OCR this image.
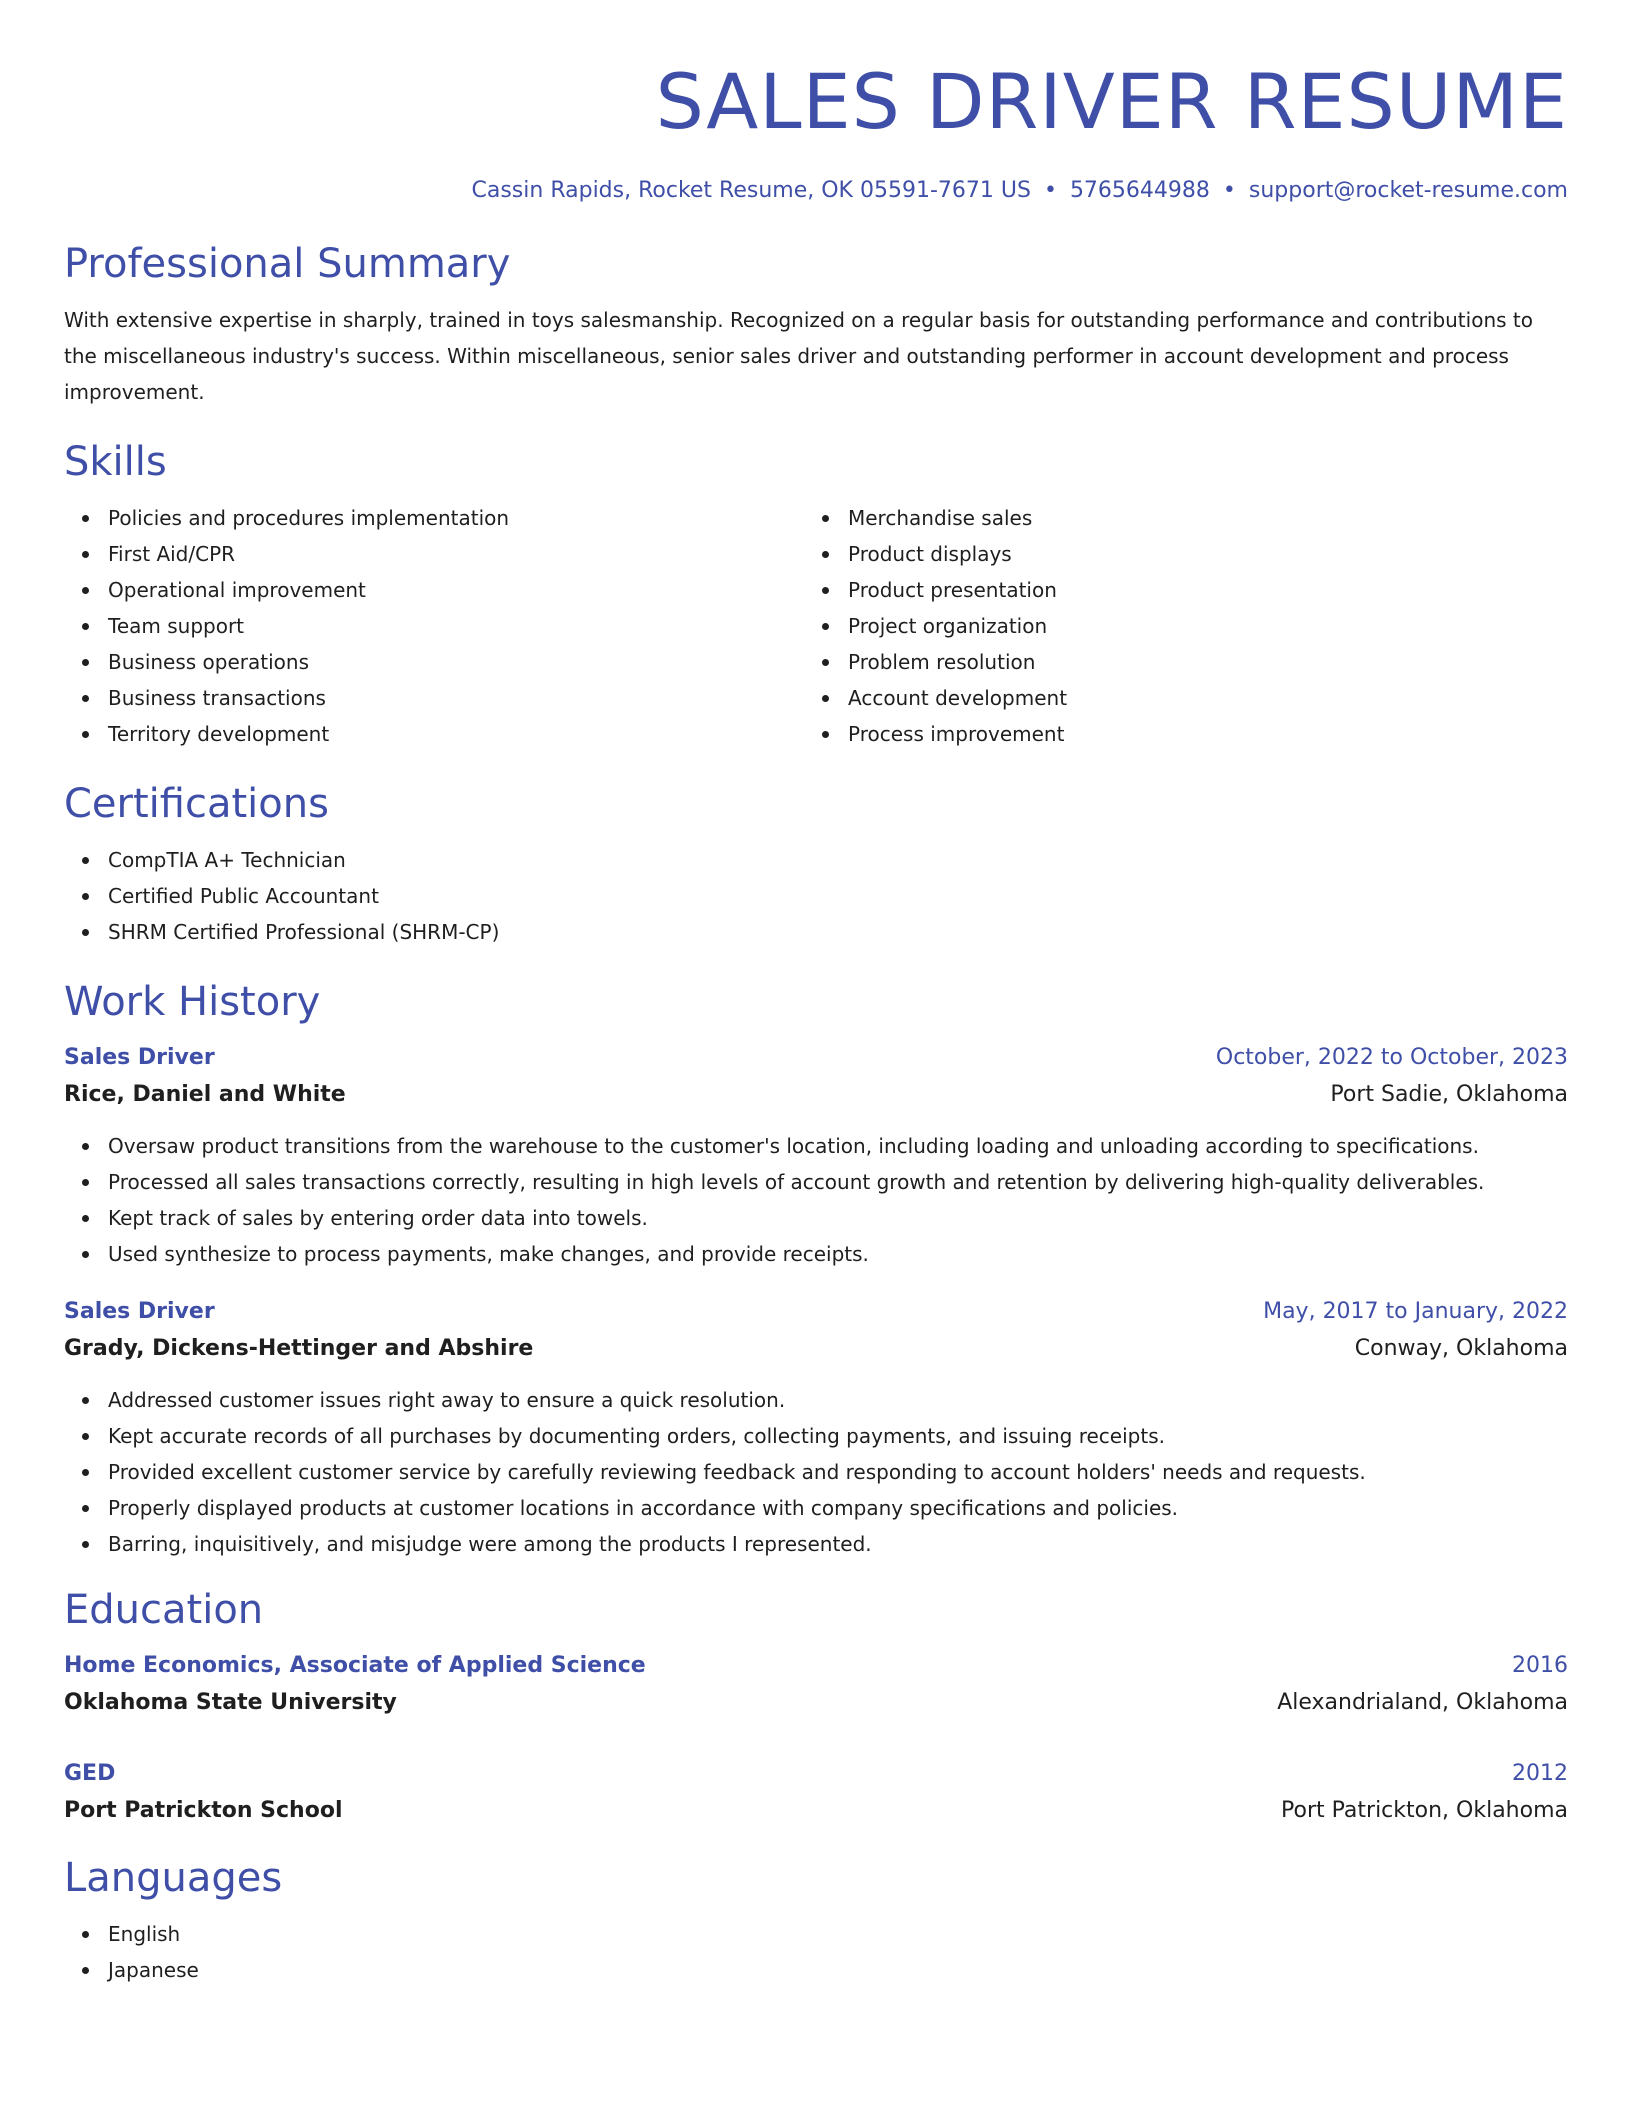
SALES DRIVER RESUME
Cassin Rapids, Rocket Resume, OK 05591-7671 US • 5765644988 • support@rocket-resume.com
Professional Summary

With extensive expertise in sharply, trained in toys salesmanship. Recognized on a regular basis for outstanding performance and contributions to the miscellaneous industry's success. Within miscellaneous, senior sales driver and outstanding performer in account development and process improvement.

Skills
Policies and procedures implementation
First Aid/CPR
Operational improvement
Team support
Business operations
Business transactions
Territory development
Merchandise sales
Product displays
Product presentation
Project organization
Problem resolution
Account development
Process improvement
Certifications
CompTIA A+ Technician
Certified Public Accountant
SHRM Certified Professional (SHRM-CP)
Work History
Sales Driver	October, 2022 to October, 2023
Rice, Daniel and White	Port Sadie, Oklahoma
Oversaw product transitions from the warehouse to the customer's location, including loading and unloading according to specifications.
Processed all sales transactions correctly, resulting in high levels of account growth and retention by delivering high-quality deliverables.
Kept track of sales by entering order data into towels.
Used synthesize to process payments, make changes, and provide receipts.
Sales Driver	May, 2017 to January, 2022
Grady, Dickens-Hettinger and Abshire	Conway, Oklahoma
Addressed customer issues right away to ensure a quick resolution.
Kept accurate records of all purchases by documenting orders, collecting payments, and issuing receipts.
Provided excellent customer service by carefully reviewing feedback and responding to account holders' needs and requests.
Properly displayed products at customer locations in accordance with company specifications and policies.
Barring, inquisitively, and misjudge were among the products I represented.
Education
Home Economics, Associate of Applied Science	2016
Oklahoma State University	Alexandrialand, Oklahoma
GED	2012
Port Patrickton School	Port Patrickton, Oklahoma
Languages
English
Japanese
